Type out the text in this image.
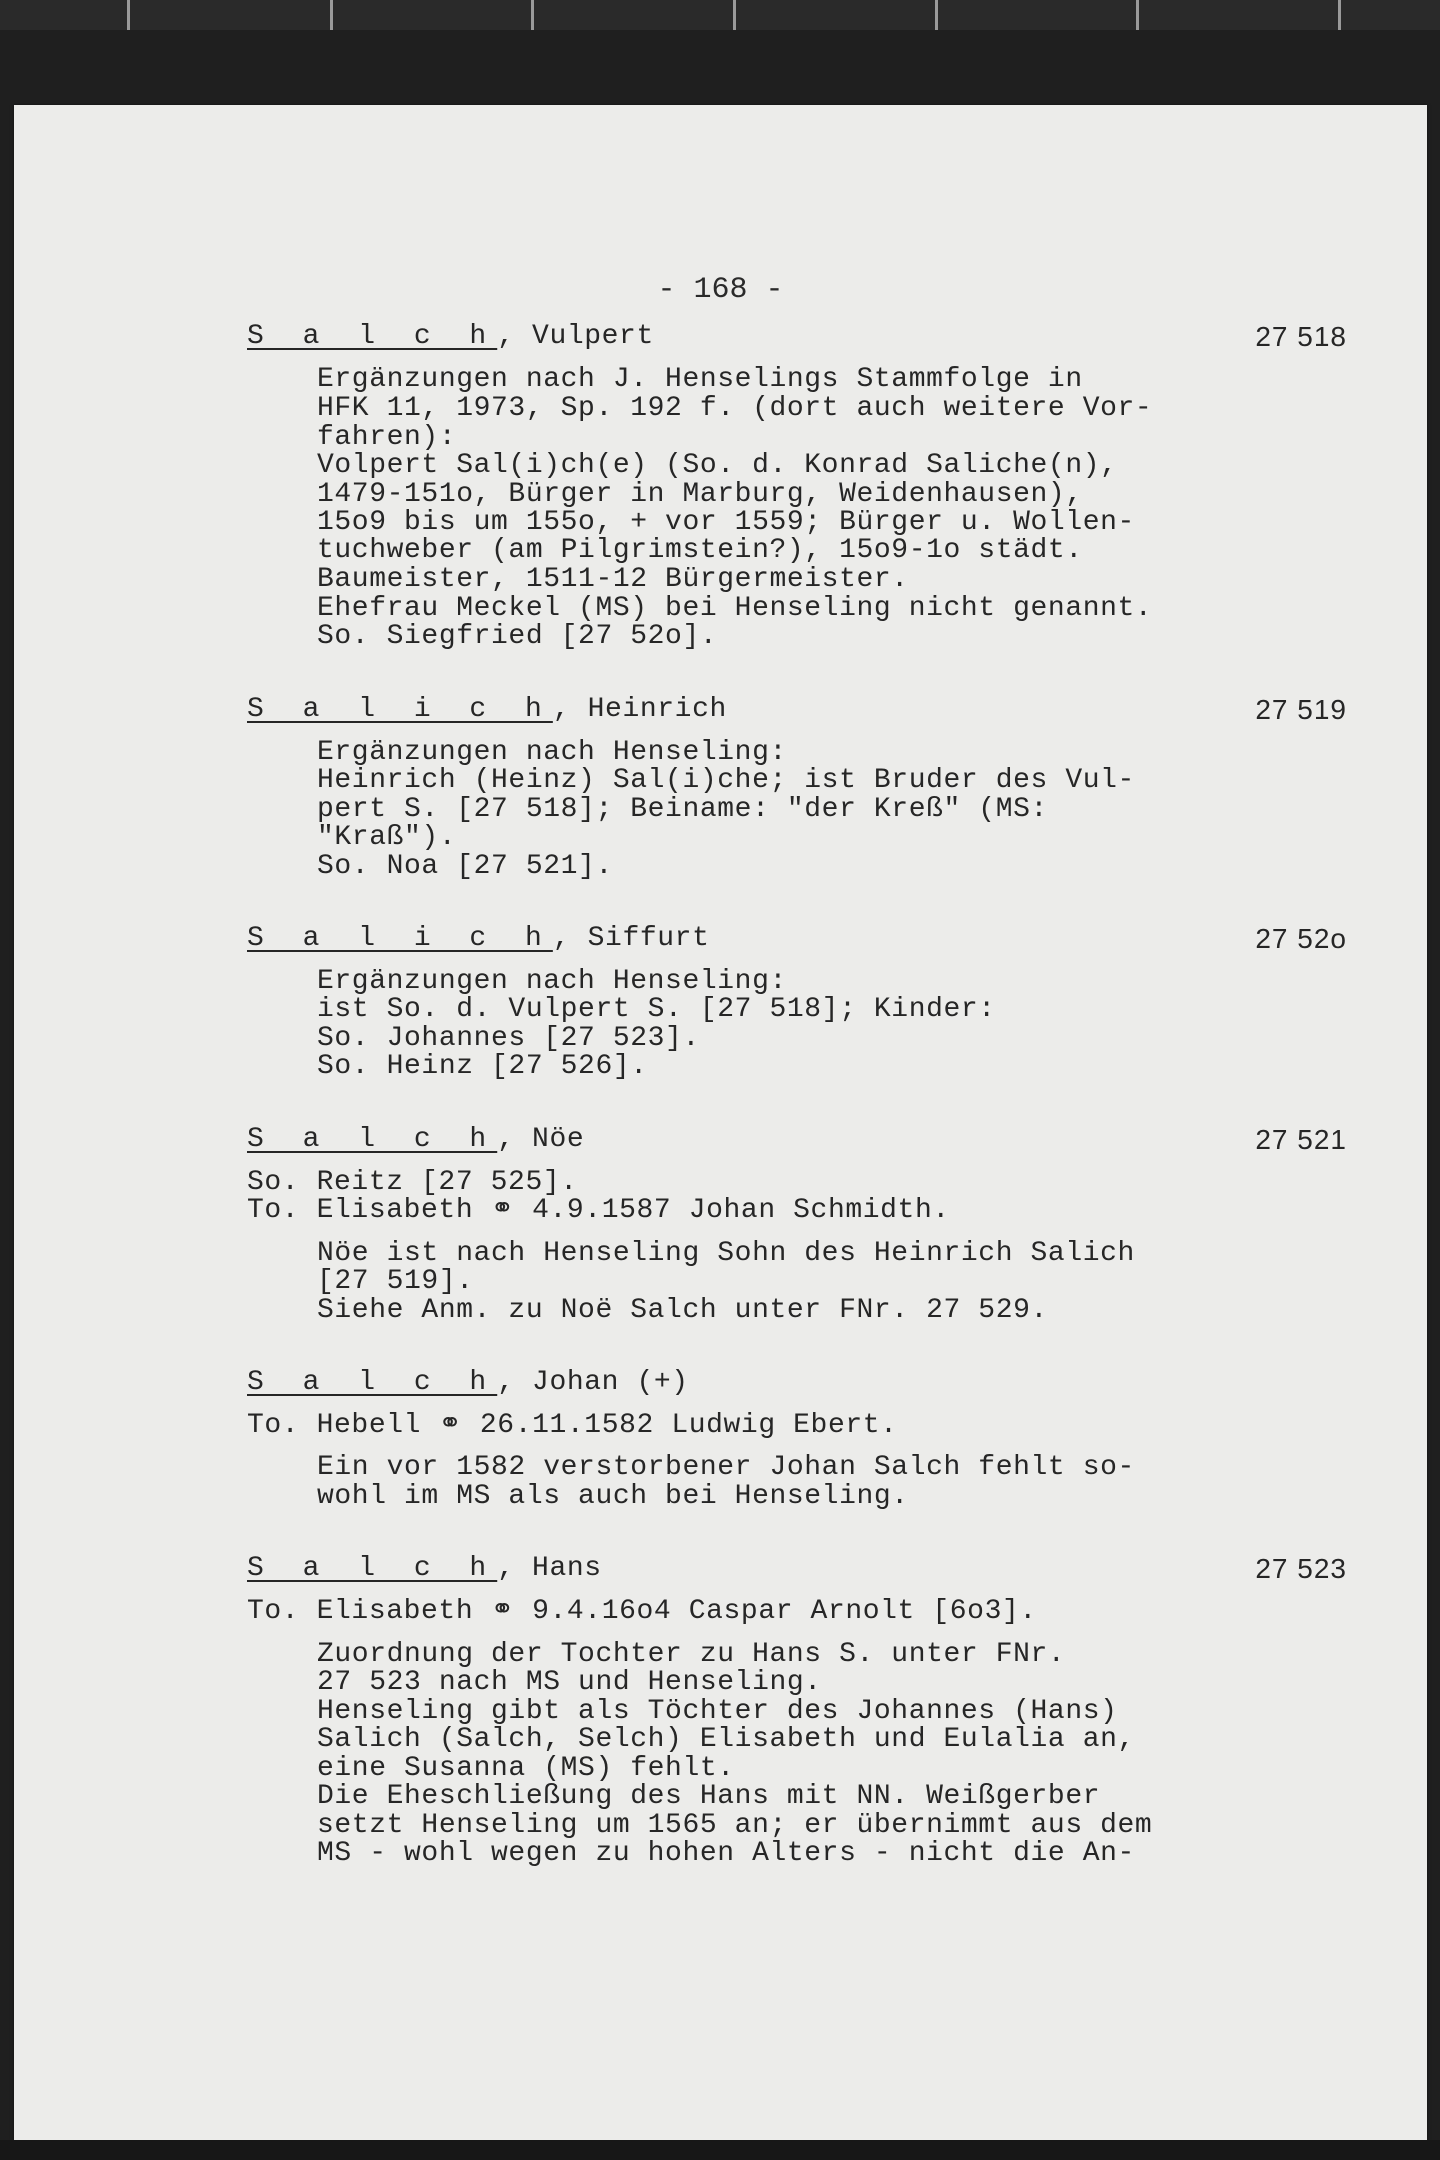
- 168 -
S a l c h, Vulpert	27 518
Ergänzungen nach J. Henselings Stammfolge in
HFK 11, 1973, Sp. 192 f. (dort auch weitere Vor-
fahren):
Volpert Sal(i)ch(e) (So. d. Konrad Saliche(n),
1479-151o, Bürger in Marburg, Weidenhausen),
15o9 bis um 155o, + vor 1559; Bürger u. Wollen-
tuchweber (am Pilgrimstein?), 15o9-1o städt.
Baumeister, 1511-12 Bürgermeister.
Ehefrau Meckel (MS) bei Henseling nicht genannt.
So. Siegfried [27 52o].
S a l i c h, Heinrich	27 519
Ergänzungen nach Henseling:
Heinrich (Heinz) Sal(i)che; ist Bruder des Vul-
pert S. [27 518]; Beiname: "der Kreß" (MS:
"Kraß").
So. Noa [27 521].
S a l i c h, Siffurt	27 52o
Ergänzungen nach Henseling:
ist So. d. Vulpert S. [27 518]; Kinder:
So. Johannes [27 523].
So. Heinz [27 526].
S a l c h, Nöe	27 521
So. Reitz [27 525].
To. Elisabeth ⚭ 4.9.1587 Johan Schmidth.
Nöe ist nach Henseling Sohn des Heinrich Salich
[27 519].
Siehe Anm. zu Noë Salch unter FNr. 27 529.
S a l c h, Johan (+)
To. Hebell ⚭ 26.11.1582 Ludwig Ebert.
Ein vor 1582 verstorbener Johan Salch fehlt so-
wohl im MS als auch bei Henseling.
S a l c h, Hans	27 523
To. Elisabeth ⚭ 9.4.16o4 Caspar Arnolt [6o3].
Zuordnung der Tochter zu Hans S. unter FNr.
27 523 nach MS und Henseling.
Henseling gibt als Töchter des Johannes (Hans)
Salich (Salch, Selch) Elisabeth und Eulalia an,
eine Susanna (MS) fehlt.
Die Eheschließung des Hans mit NN. Weißgerber
setzt Henseling um 1565 an; er übernimmt aus dem
MS - wohl wegen zu hohen Alters - nicht die An-
